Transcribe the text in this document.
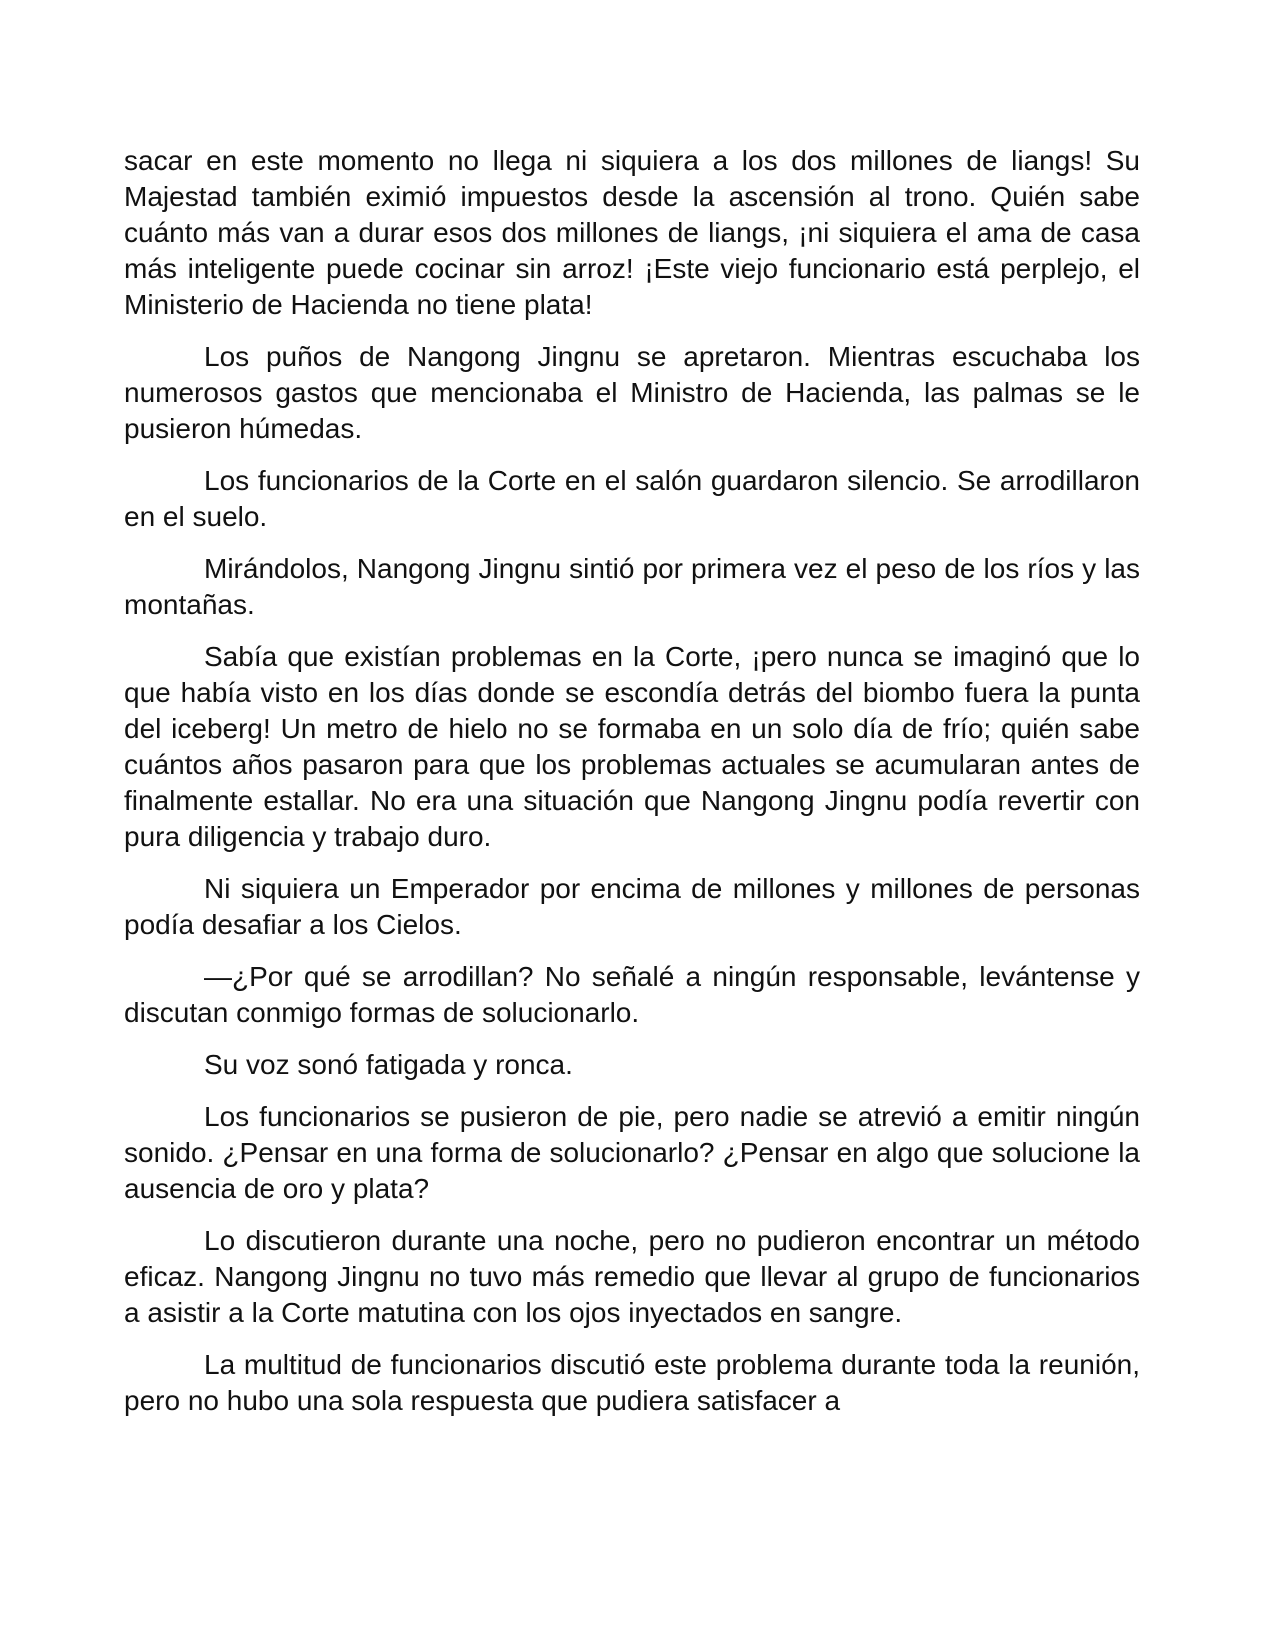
sacar en este momento no llega ni siquiera a los dos millones de liangs! Su Majestad también eximió impuestos desde la ascensión al trono. Quién sabe cuánto más van a durar esos dos millones de liangs, ¡ni siquiera el ama de casa más inteligente puede cocinar sin arroz! ¡Este viejo funcionario está perplejo, el Ministerio de Hacienda no tiene plata!

Los puños de Nangong Jingnu se apretaron. Mientras escuchaba los numerosos gastos que mencionaba el Ministro de Hacienda, las palmas se le pusieron húmedas.

Los funcionarios de la Corte en el salón guardaron silencio. Se arrodillaron en el suelo.

Mirándolos, Nangong Jingnu sintió por primera vez el peso de los ríos y las montañas.

Sabía que existían problemas en la Corte, ¡pero nunca se imaginó que lo que había visto en los días donde se escondía detrás del biombo fuera la punta del iceberg! Un metro de hielo no se formaba en un solo día de frío; quién sabe cuántos años pasaron para que los problemas actuales se acumularan antes de finalmente estallar. No era una situación que Nangong Jingnu podía revertir con pura diligencia y trabajo duro.

Ni siquiera un Emperador por encima de millones y millones de personas podía desafiar a los Cielos.

—¿Por qué se arrodillan? No señalé a ningún responsable, levántense y discutan conmigo formas de solucionarlo.

Su voz sonó fatigada y ronca.

Los funcionarios se pusieron de pie, pero nadie se atrevió a emitir ningún sonido. ¿Pensar en una forma de solucionarlo? ¿Pensar en algo que solucione la ausencia de oro y plata?

Lo discutieron durante una noche, pero no pudieron encontrar un método eficaz. Nangong Jingnu no tuvo más remedio que llevar al grupo de funcionarios a asistir a la Corte matutina con los ojos inyectados en sangre.

La multitud de funcionarios discutió este problema durante toda la reunión, pero no hubo una sola respuesta que pudiera satisfacer a
